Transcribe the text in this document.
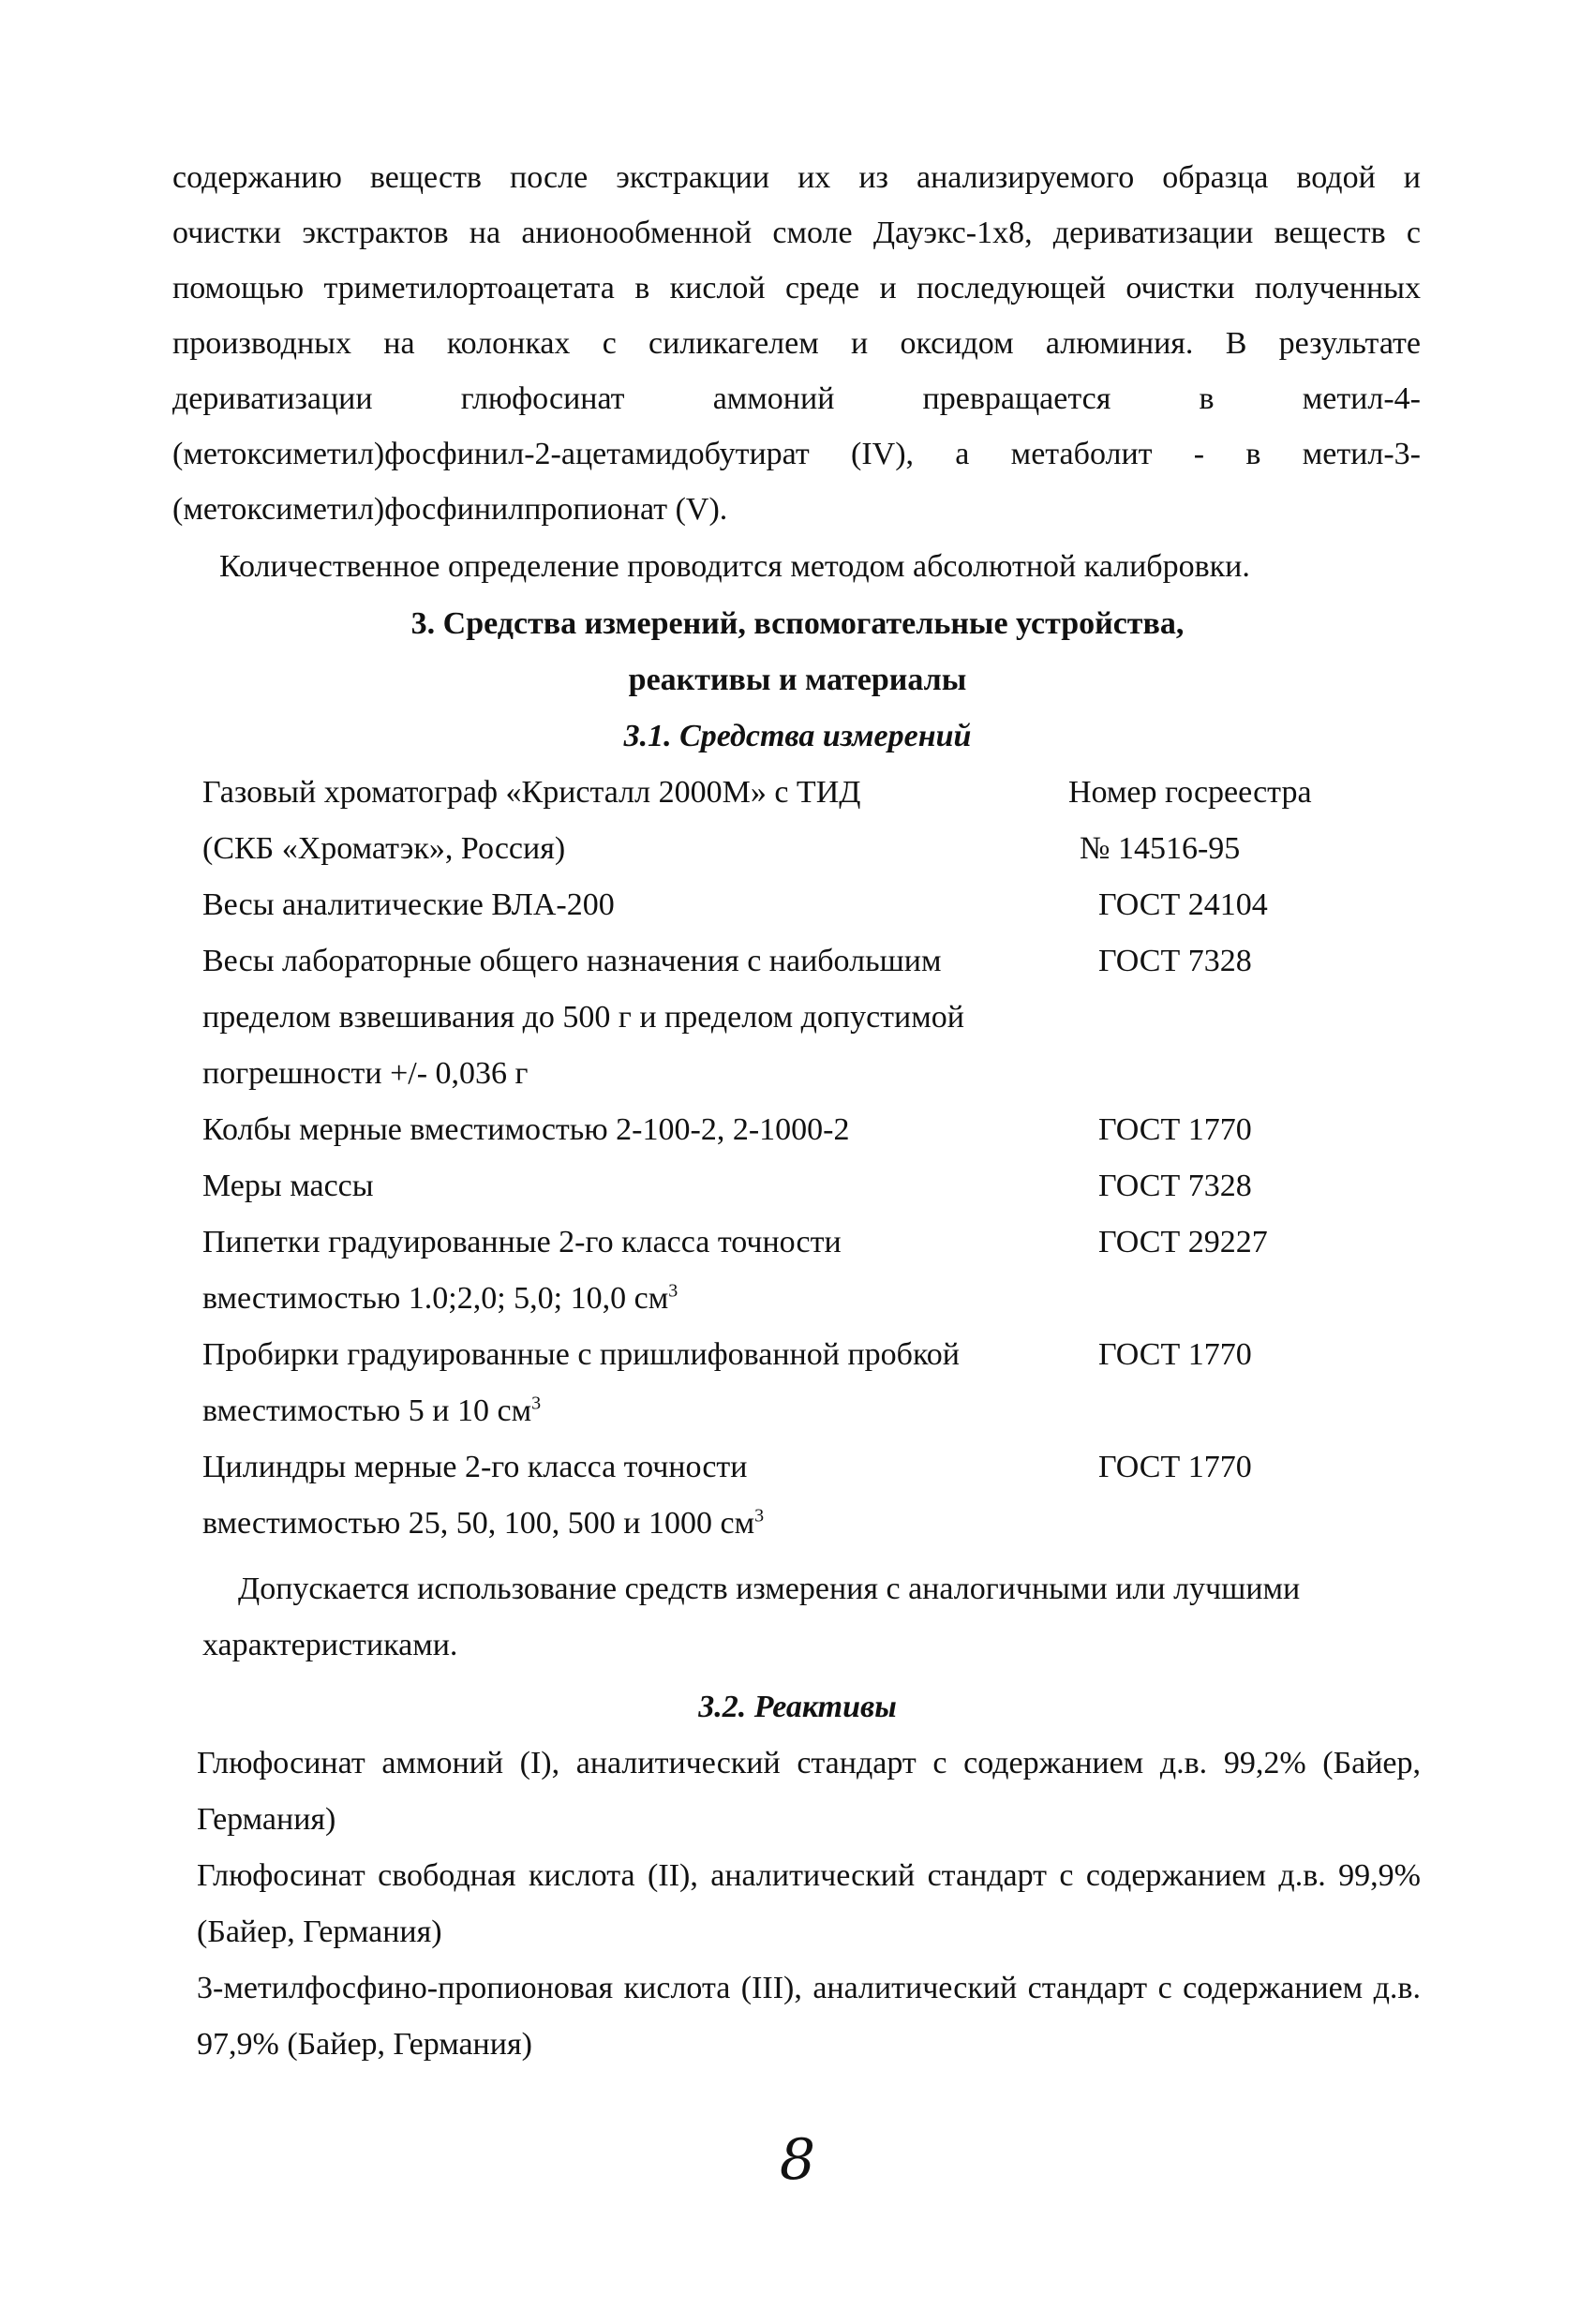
содержанию веществ после экстракции их из анализируемого образца водой и
очистки экстрактов на анионообменной смоле Дауэкс-1х8, дериватизации веществ с
помощью триметилортоацетата в кислой среде и последующей очистки полученных
производных на колонках с силикагелем и оксидом алюминия. В результате
дериватизации глюфосинат аммоний превращается в метил-4-
(метоксиметил)фосфинил-2-ацетамидобутират (IV), а метаболит - в метил-3-
(метоксиметил)фосфинилпропионат (V).
Количественное определение проводится методом абсолютной калибровки.
3. Средства измерений, вспомогательные устройства,
реактивы и материалы
3.1. Средства измерений
Газовый хроматограф «Кристалл 2000М» с ТИД	Номер госреестра
(СКБ «Хроматэк», Россия)	№ 14516-95
Весы аналитические ВЛА-200	ГОСТ 24104
Весы лабораторные общего назначения с наибольшим	ГОСТ 7328
пределом взвешивания до 500 г и пределом допустимой
погрешности +/- 0,036 г
Колбы мерные вместимостью 2-100-2, 2-1000-2	ГОСТ 1770
Меры массы	ГОСТ 7328
Пипетки градуированные 2-го класса точности	ГОСТ 29227
вместимостью 1.0;2,0; 5,0; 10,0 $см^3$
Пробирки градуированные с пришлифованной пробкой	ГОСТ 1770
вместимостью 5 и 10 $см^3$
Цилиндры мерные 2-го класса точности	ГОСТ 1770
вместимостью 25, 50, 100, 500 и 1000 $см^3$
Допускается использование средств измерения с аналогичными или лучшими
характеристиками.
3.2. Реактивы

Глюфосинат аммоний (I), аналитический стандарт с содержанием д.в. 99,2% (Байер, Германия)

Глюфосинат свободная кислота (II), аналитический стандарт с содержанием д.в. 99,9% (Байер, Германия)

3-метилфосфино-пропионовая кислота (III), аналитический стандарт с содержанием д.в. 97,9% (Байер, Германия)

8
